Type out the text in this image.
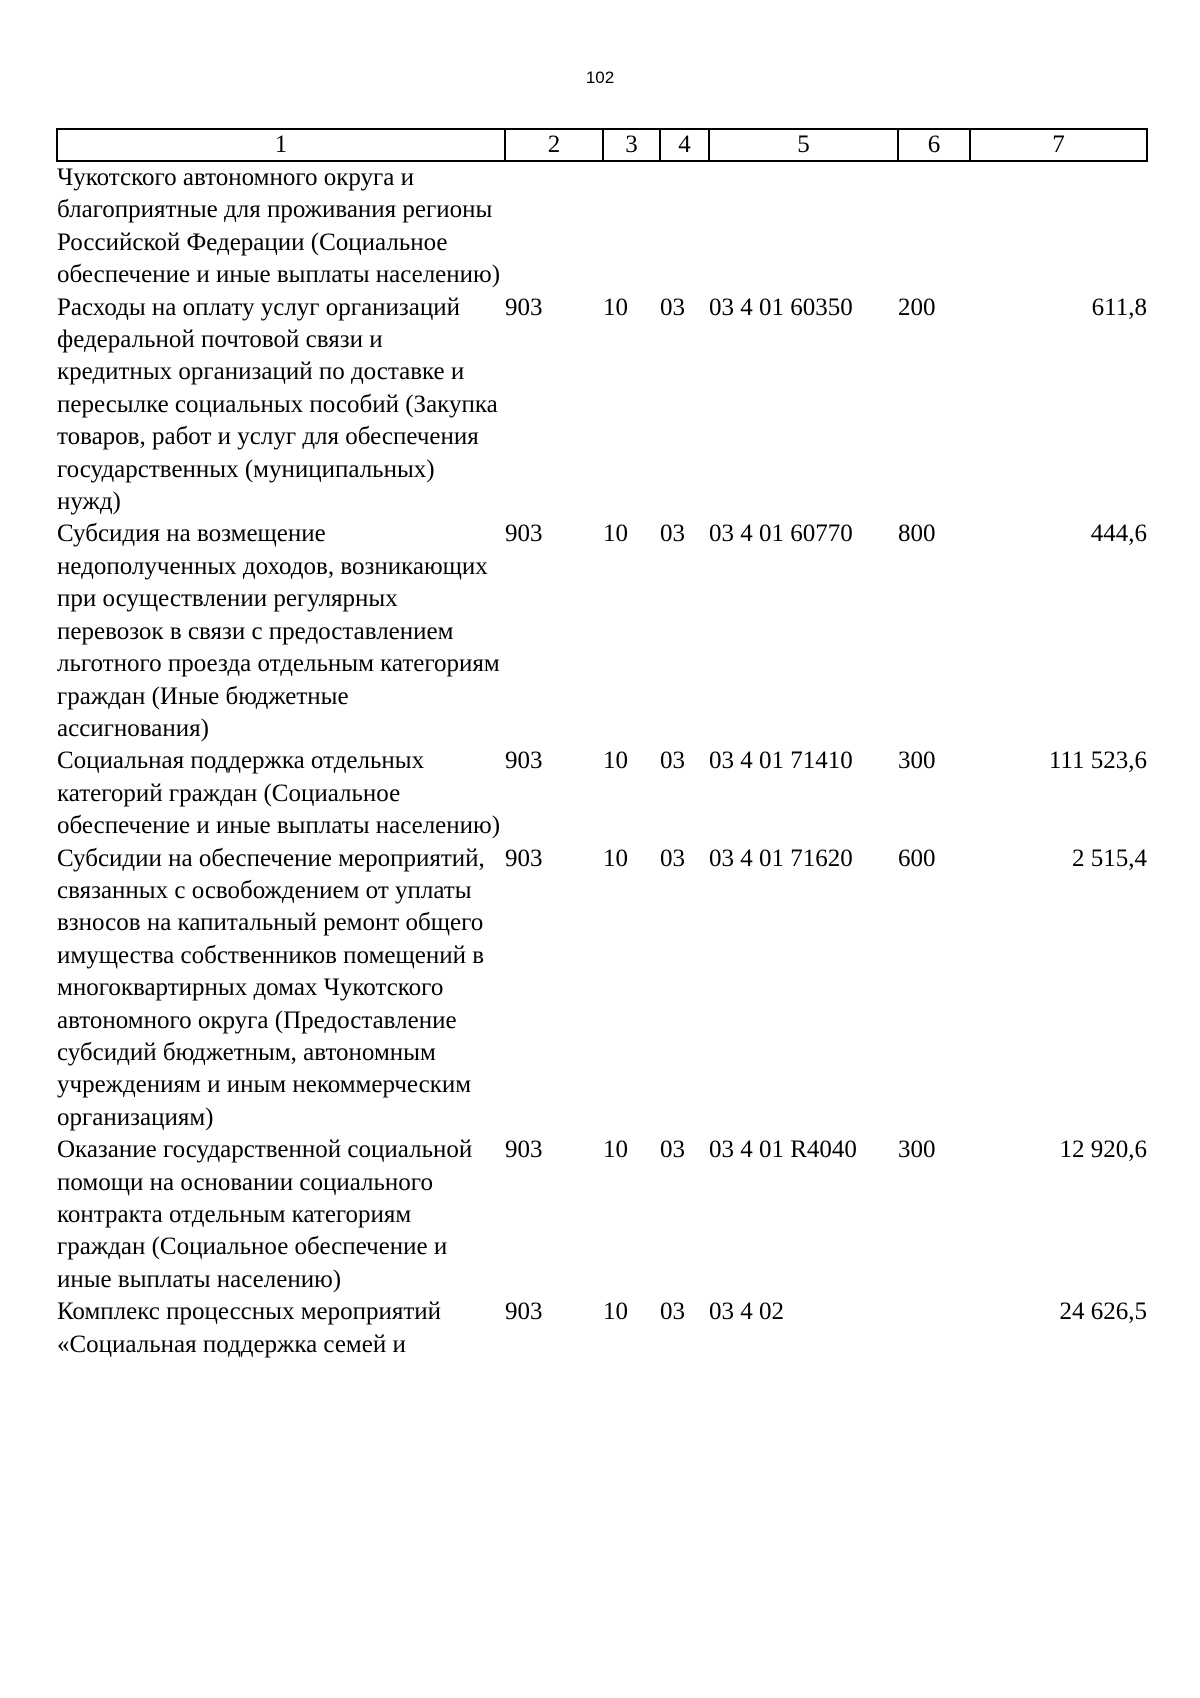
102
1	2	3	4	5	6	7
Чукотского автономного округа и благоприятные для проживания регионы Российской Федерации (Социальное обеспечение и иные выплаты населению)						
Расходы на оплату услуг организаций федеральной почтовой связи и кредитных организаций по доставке и пересылке социальных пособий (Закупка товаров, работ и услуг для обеспечения государственных (муниципальных) нужд)	903	10	03	03 4 01 60350	200	611,8
Субсидия на возмещение недополученных доходов, возникающих при осуществлении регулярных перевозок в связи с предоставлением льготного проезда отдельным категориям граждан (Иные бюджетные ассигнования)	903	10	03	03 4 01 60770	800	444,6
Социальная поддержка отдельных категорий граждан (Социальное обеспечение и иные выплаты населению)	903	10	03	03 4 01 71410	300	111 523,6
Субсидии на обеспечение мероприятий, связанных с освобождением от уплаты взносов на капитальный ремонт общего имущества собственников помещений в многоквартирных домах Чукотского автономного округа (Предоставление субсидий бюджетным, автономным учреждениям и иным некоммерческим организациям)	903	10	03	03 4 01 71620	600	2 515,4
Оказание государственной социальной помощи на основании социального контракта отдельным категориям граждан (Социальное обеспечение и иные выплаты населению)	903	10	03	03 4 01 R4040	300	12 920,6
Комплекс процессных мероприятий «Социальная поддержка семей и	903	10	03	03 4 02		24 626,5
